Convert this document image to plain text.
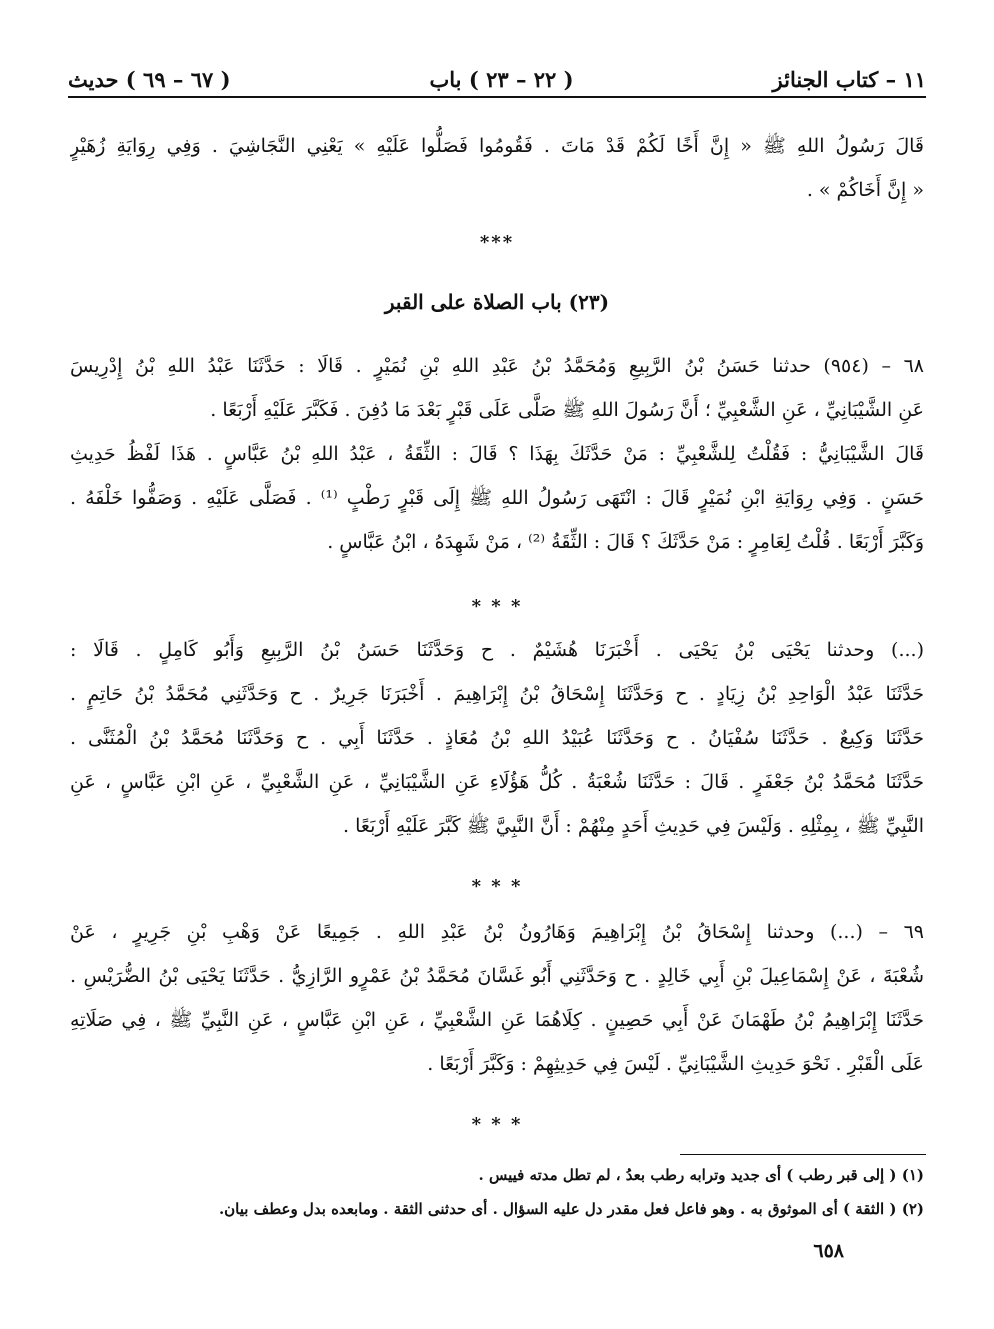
١١ – كتاب الجنائز
( ٢٢ – ٢٣ ) باب
( ٦٧ – ٦٩ ) حديث
قَالَ رَسُولُ اللهِ ﷺ « إِنَّ أَخًا لَكُمْ قَدْ مَاتَ . فَقُومُوا فَصَلُّوا عَلَيْهِ » يَعْنِي النَّجَاشِيَ . وَفِي رِوَايَةِ زُهَيْرٍ
« إِنَّ أَخَاكُمْ » .
***
(٢٣) باب الصلاة على القبر
٦٨ – (٩٥٤) حدثنا حَسَنُ بْنُ الرَّبِيعِ وَمُحَمَّدُ بْنُ عَبْدِ اللهِ بْنِ نُمَيْرٍ . قَالَا : حَدَّثَنَا عَبْدُ اللهِ بْنُ إِدْرِيسَ
عَنِ الشَّيْبَانِيِّ ، عَنِ الشَّعْبِيِّ ؛ أَنَّ رَسُولَ اللهِ ﷺ صَلَّى عَلَى قَبْرٍ بَعْدَ مَا دُفِنَ . فَكَبَّرَ عَلَيْهِ أَرْبَعًا .
قَالَ الشَّيْبَانِيُّ : فَقُلْتُ لِلشَّعْبِيِّ : مَنْ حَدَّثَكَ بِهَذَا ؟ قَالَ : الثِّقَةُ ، عَبْدُ اللهِ بْنُ عَبَّاسٍ . هَذَا لَفْظُ حَدِيثِ
حَسَنٍ . وَفِي رِوَايَةِ ابْنِ نُمَيْرٍ قَالَ : انْتَهَى رَسُولُ اللهِ ﷺ إِلَى قَبْرٍ رَطْبٍ ⁽¹⁾ . فَصَلَّى عَلَيْهِ . وَصَفُّوا خَلْفَهُ .
وَكَبَّرَ أَرْبَعًا . قُلْتُ لِعَامِرٍ : مَنْ حَدَّثَكَ ؟ قَالَ : الثِّقَةُ ⁽²⁾ ، مَنْ شَهِدَهُ ، ابْنُ عَبَّاسٍ .
* * *
(...) وحدثنا يَحْيَى بْنُ يَحْيَى . أَخْبَرَنَا هُشَيْمٌ . ح وَحَدَّثَنَا حَسَنُ بْنُ الرَّبِيعِ وَأَبُو كَامِلٍ . قَالَا :
حَدَّثَنَا عَبْدُ الْوَاحِدِ بْنُ زِيَادٍ . ح وَحَدَّثَنَا إِسْحَاقُ بْنُ إِبْرَاهِيمَ . أَخْبَرَنَا جَرِيرٌ . ح وَحَدَّثَنِي مُحَمَّدُ بْنُ حَاتِمٍ .
حَدَّثَنَا وَكِيعٌ . حَدَّثَنَا سُفْيَانُ . ح وَحَدَّثَنَا عُبَيْدُ اللهِ بْنُ مُعَاذٍ . حَدَّثَنَا أَبِي . ح وَحَدَّثَنَا مُحَمَّدُ بْنُ الْمُثَنَّى .
حَدَّثَنَا مُحَمَّدُ بْنُ جَعْفَرٍ . قَالَ : حَدَّثَنَا شُعْبَةُ . كُلُّ هَؤُلَاءِ عَنِ الشَّيْبَانِيِّ ، عَنِ الشَّعْبِيِّ ، عَنِ ابْنِ عَبَّاسٍ ، عَنِ
النَّبِيِّ ﷺ ، بِمِثْلِهِ . وَلَيْسَ فِي حَدِيثِ أَحَدٍ مِنْهُمْ : أَنَّ النَّبِيَّ ﷺ كَبَّرَ عَلَيْهِ أَرْبَعًا .
* * *
٦٩ – (...) وحدثنا إِسْحَاقُ بْنُ إِبْرَاهِيمَ وَهَارُونُ بْنُ عَبْدِ اللهِ . جَمِيعًا عَنْ وَهْبِ بْنِ جَرِيرٍ ، عَنْ
شُعْبَةَ ، عَنْ إِسْمَاعِيلَ بْنِ أَبِي خَالِدٍ . ح وَحَدَّثَنِي أَبُو غَسَّانَ مُحَمَّدُ بْنُ عَمْرٍو الرَّازِيُّ . حَدَّثَنَا يَحْيَى بْنُ الضُّرَيْسِ .
حَدَّثَنَا إِبْرَاهِيمُ بْنُ طَهْمَانَ عَنْ أَبِي حَصِينٍ . كِلَاهُمَا عَنِ الشَّعْبِيِّ ، عَنِ ابْنِ عَبَّاسٍ ، عَنِ النَّبِيِّ ﷺ ، فِي صَلَاتِهِ
عَلَى الْقَبْرِ . نَحْوَ حَدِيثِ الشَّيْبَانِيِّ . لَيْسَ فِي حَدِيثِهِمْ : وَكَبَّرَ أَرْبَعًا .
* * *
(١) ( إلى قبر رطب ) أى جديد وترابه رطب بعدُ ، لم تطل مدته فييس .
(٢) ( الثقة ) أى الموثوق به . وهو فاعل فعل مقدر دل عليه السؤال . أى حدثنى الثقة . ومابعده بدل وعطف بيان.
٦٥٨
